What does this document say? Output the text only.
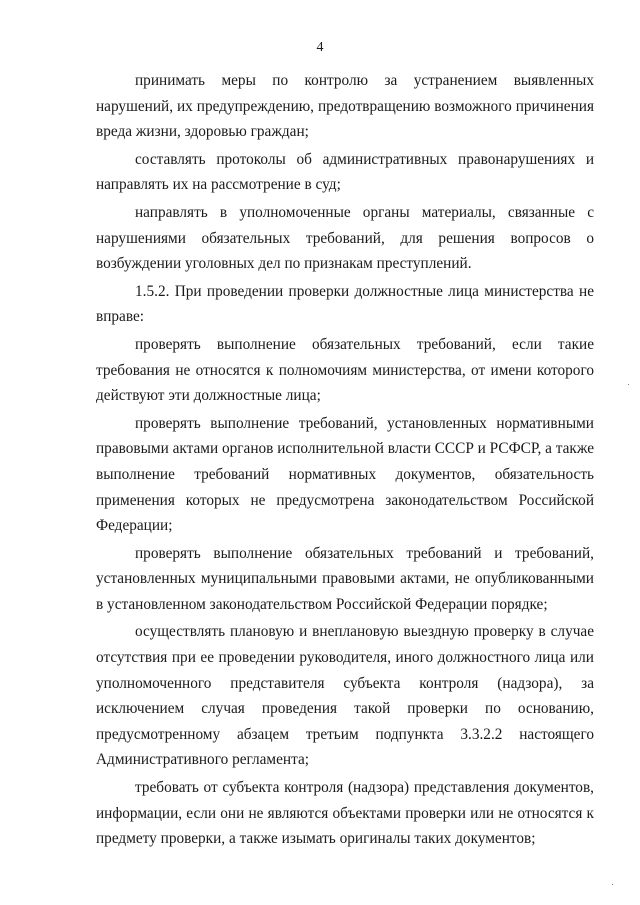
4

принимать меры по контролю за устранением выявленных нарушений, их предупреждению, предотвращению возможного причинения вреда жизни, здоровью граждан;

составлять протоколы об административных правонарушениях и направлять их на рассмотрение в суд;

направлять в уполномоченные органы материалы, связанные с нарушениями обязательных требований, для решения вопросов о возбуждении уголовных дел по признакам преступлений.

1.5.2. При проведении проверки должностные лица министерства не вправе:

проверять выполнение обязательных требований, если такие требования не относятся к полномочиям министерства, от имени которого действуют эти должностные лица;

проверять выполнение требований, установленных нормативными правовыми актами органов исполнительной власти СССР и РСФСР, а также выполнение требований нормативных документов, обязательность применения которых не предусмотрена законодательством Российской Федерации;

проверять выполнение обязательных требований и требований, установленных муниципальными правовыми актами, не опубликованными в установленном законодательством Российской Федерации порядке;

осуществлять плановую и внеплановую выездную проверку в случае отсутствия при ее проведении руководителя, иного должностного лица или уполномоченного представителя субъекта контроля (надзора), за исключением случая проведения такой проверки по основанию, предусмотренному абзацем третьим подпункта 3.3.2.2 настоящего Административного регламента;

требовать от субъекта контроля (надзора) представления документов, информации, если они не являются объектами проверки или не относятся к предмету проверки, а также изымать оригиналы таких документов;
